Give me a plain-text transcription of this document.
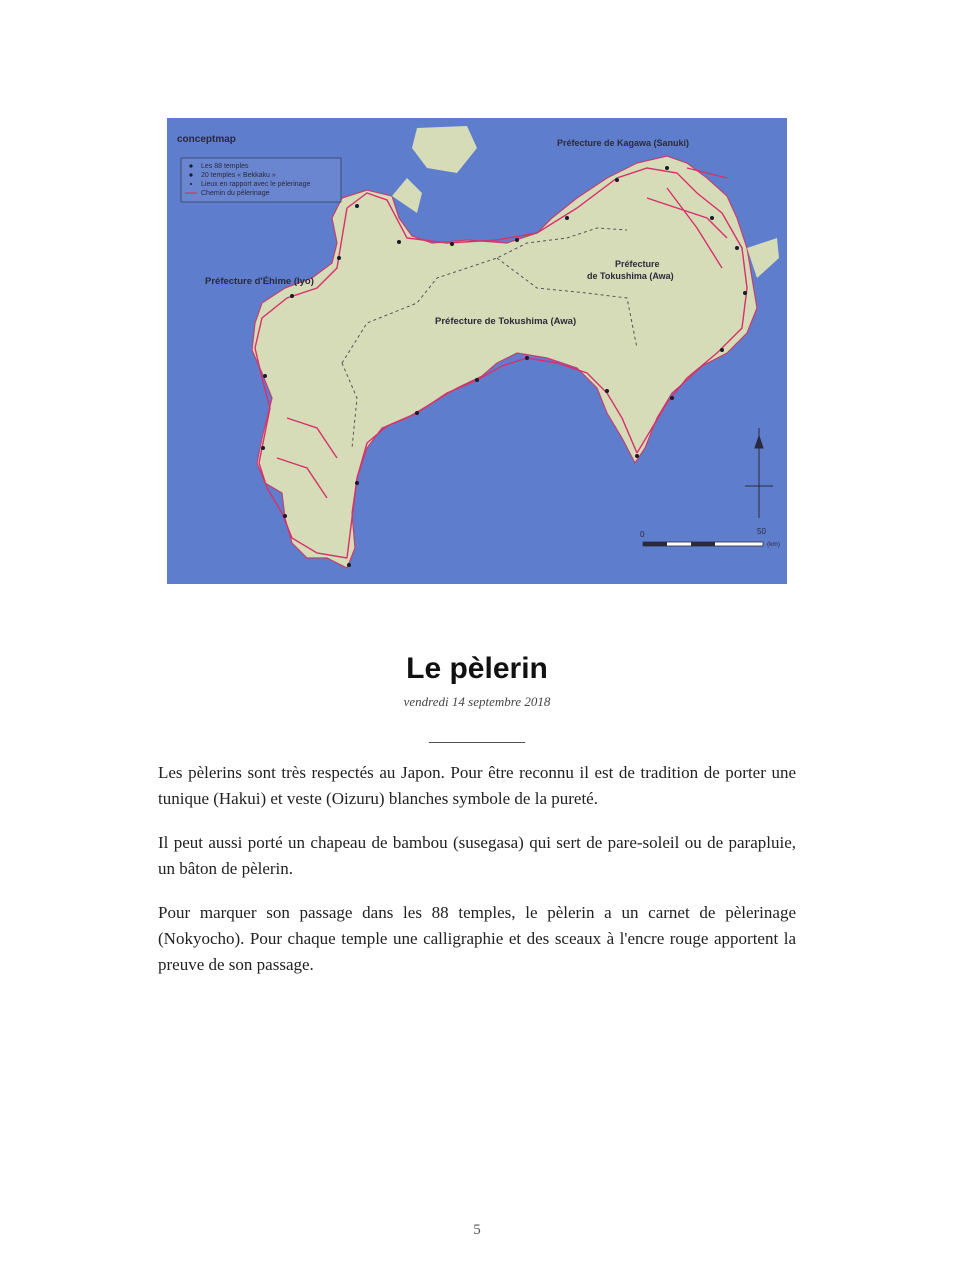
conceptmap
Les 88 temples
20 temples « Bekkaku »
Lieux en rapport avec le pèlerinage
Chemin du pèlerinage
Préfecture de Kagawa (Sanuki)
Préfecture d'Éhime (Iyo)
Préfecture de Tokushima (Awa)
Préfecture
de Tokushima (Awa)
0	50
(km)
Le pèlerin
vendredi 14 septembre 2018
____________

Les pèlerins sont très respectés au Japon. Pour être reconnu il est de tradition de porter une tunique (Hakui) et veste (Oizuru) blanches symbole de la pureté.

Il peut aussi porté un chapeau de bambou (susegasa) qui sert de pare-soleil ou de parapluie, un bâton de pèlerin.

Pour marquer son passage dans les 88 temples, le pèlerin a un carnet de pèlerinage (Nokyocho). Pour chaque temple une calligraphie et des sceaux à l'encre rouge apportent la preuve de son passage.

5
